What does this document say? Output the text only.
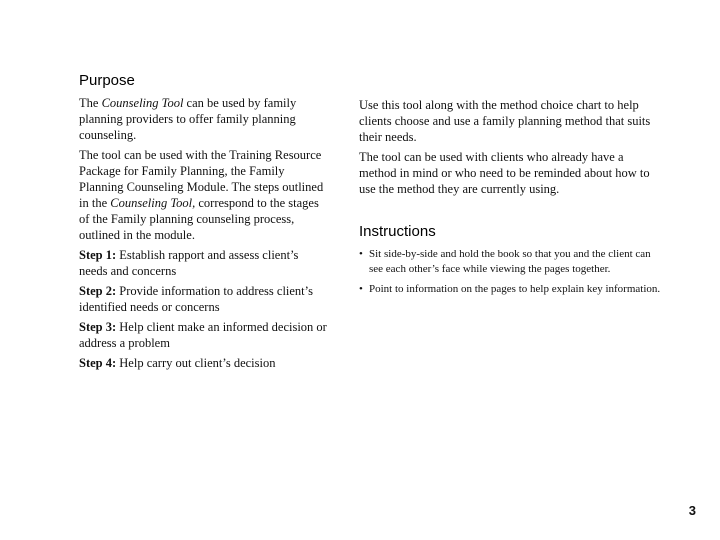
Purpose

The Counseling Tool can be used by family planning providers to offer family planning counseling.

The tool can be used with the Training Resource Package for Family Planning, the Family Planning Counseling Module. The steps outlined in the Counseling Tool, correspond to the stages of the Family planning counseling process, outlined in the module.

Step 1: Establish rapport and assess client’s needs and concerns

Step 2: Provide information to address client’s identified needs or concerns

Step 3: Help client make an informed decision or address a problem

Step 4: Help carry out client’s decision

Use this tool along with the method choice chart to help clients choose and use a family planning method that suits their needs.

The tool can be used with clients who already have a method in mind or who need to be reminded about how to use the method they are currently using.

Instructions
• Sit side-by-side and hold the book so that you and the client can see each other’s face while viewing the pages together.
• Point to information on the pages to help explain key information.
3
